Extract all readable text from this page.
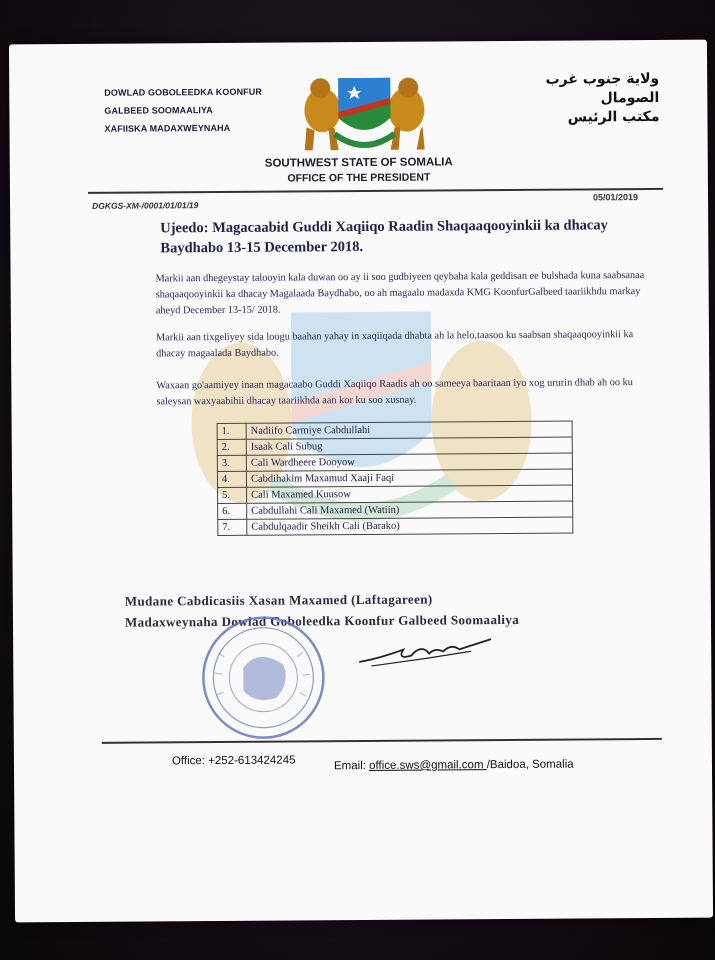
DOWLAD GOBOLEEDKA KOONFUR
GALBEED SOOMAALIYA
XAFIISKA MADAXWEYNAHA
ولاية جنوب غرب
الصومال
مكتب الرئيس
SOUTHWEST STATE OF SOMALIA
OFFICE OF THE PRESIDENT
05/01/2019
DGKGS-XM-/0001/01/01/19
Ujeedo: Magacaabid Guddi Xaqiiqo Raadin Shaqaaqooyinkii ka dhacay Baydhabo 13-15 December 2018.
Markii aan dhegeystay talooyin kala duwan oo ay ii soo gudbiyeen qeybaha kala geddisan ee bulshada kuna saabsanaa shaqaaqooyinkii ka dhacay Magalaada Baydhabo, oo ah magaalo madaxda KMG KoonfurGalbeed taariikhdu markay aheyd December 13-15/ 2018.
Markii aan tixgeliyey sida loogu baahan yahay in xaqiiqada dhabta ah la helo,taasoo ku saabsan shaqaaqooyinkii ka dhacay magaalada Baydhabo.
Waxaan go'aamiyey inaan magacaabo Guddi Xaqiiqo Raadis ah oo sameeya baaritaan iyo xog ururin dhab ah oo ku saleysan waxyaabihii dhacay taariikhda aan kor ku soo xusnay.
1.	Nadiifo Carmiye Cabdullahi
2.	Isaak Cali Subug
3.	Cali Wardheere Dooyow
4.	Cabdihakim Maxamud Xaaji Faqi
5.	Cali Maxamed Kuusow
6.	Cabdullahi Cali Maxamed (Watiin)
7.	Cabdulqaadir Sheikh Cali (Barako)
Mudane Cabdicasiis Xasan Maxamed (Laftagareen)
Madaxweynaha Dowlad Goboleedka Koonfur Galbeed Soomaaliya
Office: +252-613424245	Email: office.sws@gmail.com /Baidoa, Somalia
